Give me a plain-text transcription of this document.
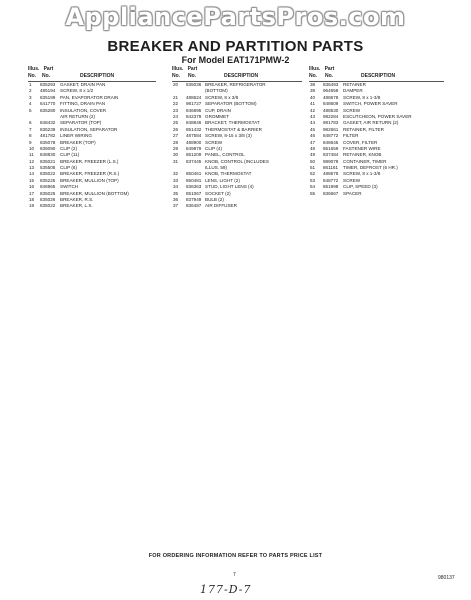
AppliancePartsPros.com
BREAKER AND PARTITION PARTS
For Model EAT171PMW-2
Illus. Part
No. No.	DESCRIPTION
1 835293 GASKET, DRAIN PAN
2 485194 SCREW, 8 x 1/2
3 835199 PAN, EVAPORATOR DRAIN
4 641770 FITTING, DRAIN PAN
5 835280 INSULATION, COVER
AIR RETURN (2)
6 848432 SEPARATOR (TOP)
7 835239 INSULATION, SEPARATOR
8 481782 LINER WIRING
9 835078 BREAKER (TOP)
10 836090 CLIP (2)
11 848830 CLIP (11)
12 835021 BREAKER, FREEZER (L.S.)
13 535505 CLIP (6)
14 835022 BREAKER, FREEZER (R.S.)
15 835225 BREAKER, MULLION (TOP)
16 846965 SWITCH
17 835025 BREAKER, MULLION (BOTTOM)
18 835026 BREAKER, R.S.
19 835022 BREAKER, L.S.
Illus. Part
No. No.	DESCRIPTION
20 835036 BREAKER, REFRIGERATOR
(BOTTOM)
21 488624 SCREW, 8 x 3/8
22 981727 SEPARATOR (BOTTOM)
23 846895 CUP, DRAIN
24 842379 GROMMET
25 848846 BRACKET, THERMOSTAT
26 851432 THERMOSTAT & BARRIER
27 487584 SCREW, 8-15 x 3/8 (3)
28 488900 SCREW
29 849879 CLIP (4)
30 861209 PANEL, CONTROL
31 837445 KNOB, CONTROL (INCLUDES
ILLUS. 59)
32 850461 KNOB, THERMOSTAT
33 850481 LENS, LIGHT (2)
34 836363 STUD, LIGHT LENS (4)
35 851067 SOCKET (2)
36 837949 BULB (2)
37 836487 AIR DIFFUSER
Illus. Part
No. No.	DESCRIPTION
38 836493 RETAINER
39 964658 DAMPER
40 488678 SCREW, 8 x 1-3/8
41 848609 SWITCH, POWER SAVER
42 488530 SCREW
43 982284 ESCUTCHEON, POWER SAVER
44 981783 GASKET, AIR RETURN (2)
45 982661 RETAINER, FILTER
46 848772 FILTER
47 848645 COVER, FILTER
48 851659 FASTENER WIRE
49 837484 RETAINER, KNOB
50 989079 CONTAINER, TIMER
51 861161 TIMER, DEFROST (6 HR.)
52 488678 SCREW, 8 x 1-3/8
53 848772 SCREW
54 851998 CLIP, SPEED (3)
55 836667 SPACER
FOR ORDERING INFORMATION REFER TO PARTS PRICE LIST
7	980137
177-D-7
